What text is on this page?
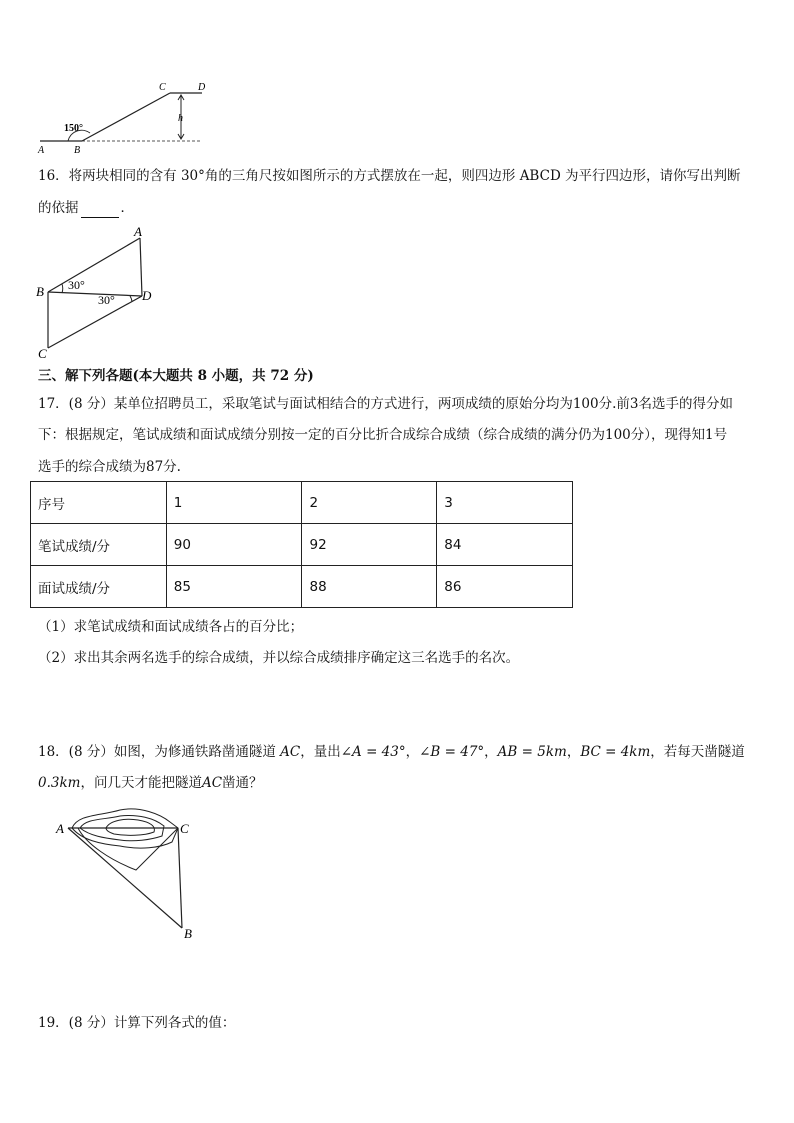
A	B
C	D
150°
h
16．将两块相同的含有 30°角的三角尺按如图所示的方式摆放在一起，则四边形 ABCD 为平行四边形，请你写出判断
的依据	．
A
B
C
D
30°
30°
三、解下列各题(本大题共 8 小题，共 72 分)
17．(8 分）某单位招聘员工，采取笔试与面试相结合的方式进行，两项成绩的原始分均为100分.前3名选手的得分如
下：根据规定，笔试成绩和面试成绩分别按一定的百分比折合成综合成绩（综合成绩的满分仍为100分），现得知1号
选手的综合成绩为87分.
序号	1	2	3
笔试成绩/分	90	92	84
面试成绩/分	85	88	86
（1）求笔试成绩和面试成绩各占的百分比；
（2）求出其余两名选手的综合成绩，并以综合成绩排序确定这三名选手的名次。
18．(8 分）如图，为修通铁路凿通隧道 AC，量出∠A = 43°，∠B = 47°，AB = 5km，BC = 4km，若每天凿隧道
0.3km，问几天才能把隧道AC凿通？
A	C
B
19．(8 分）计算下列各式的值：
